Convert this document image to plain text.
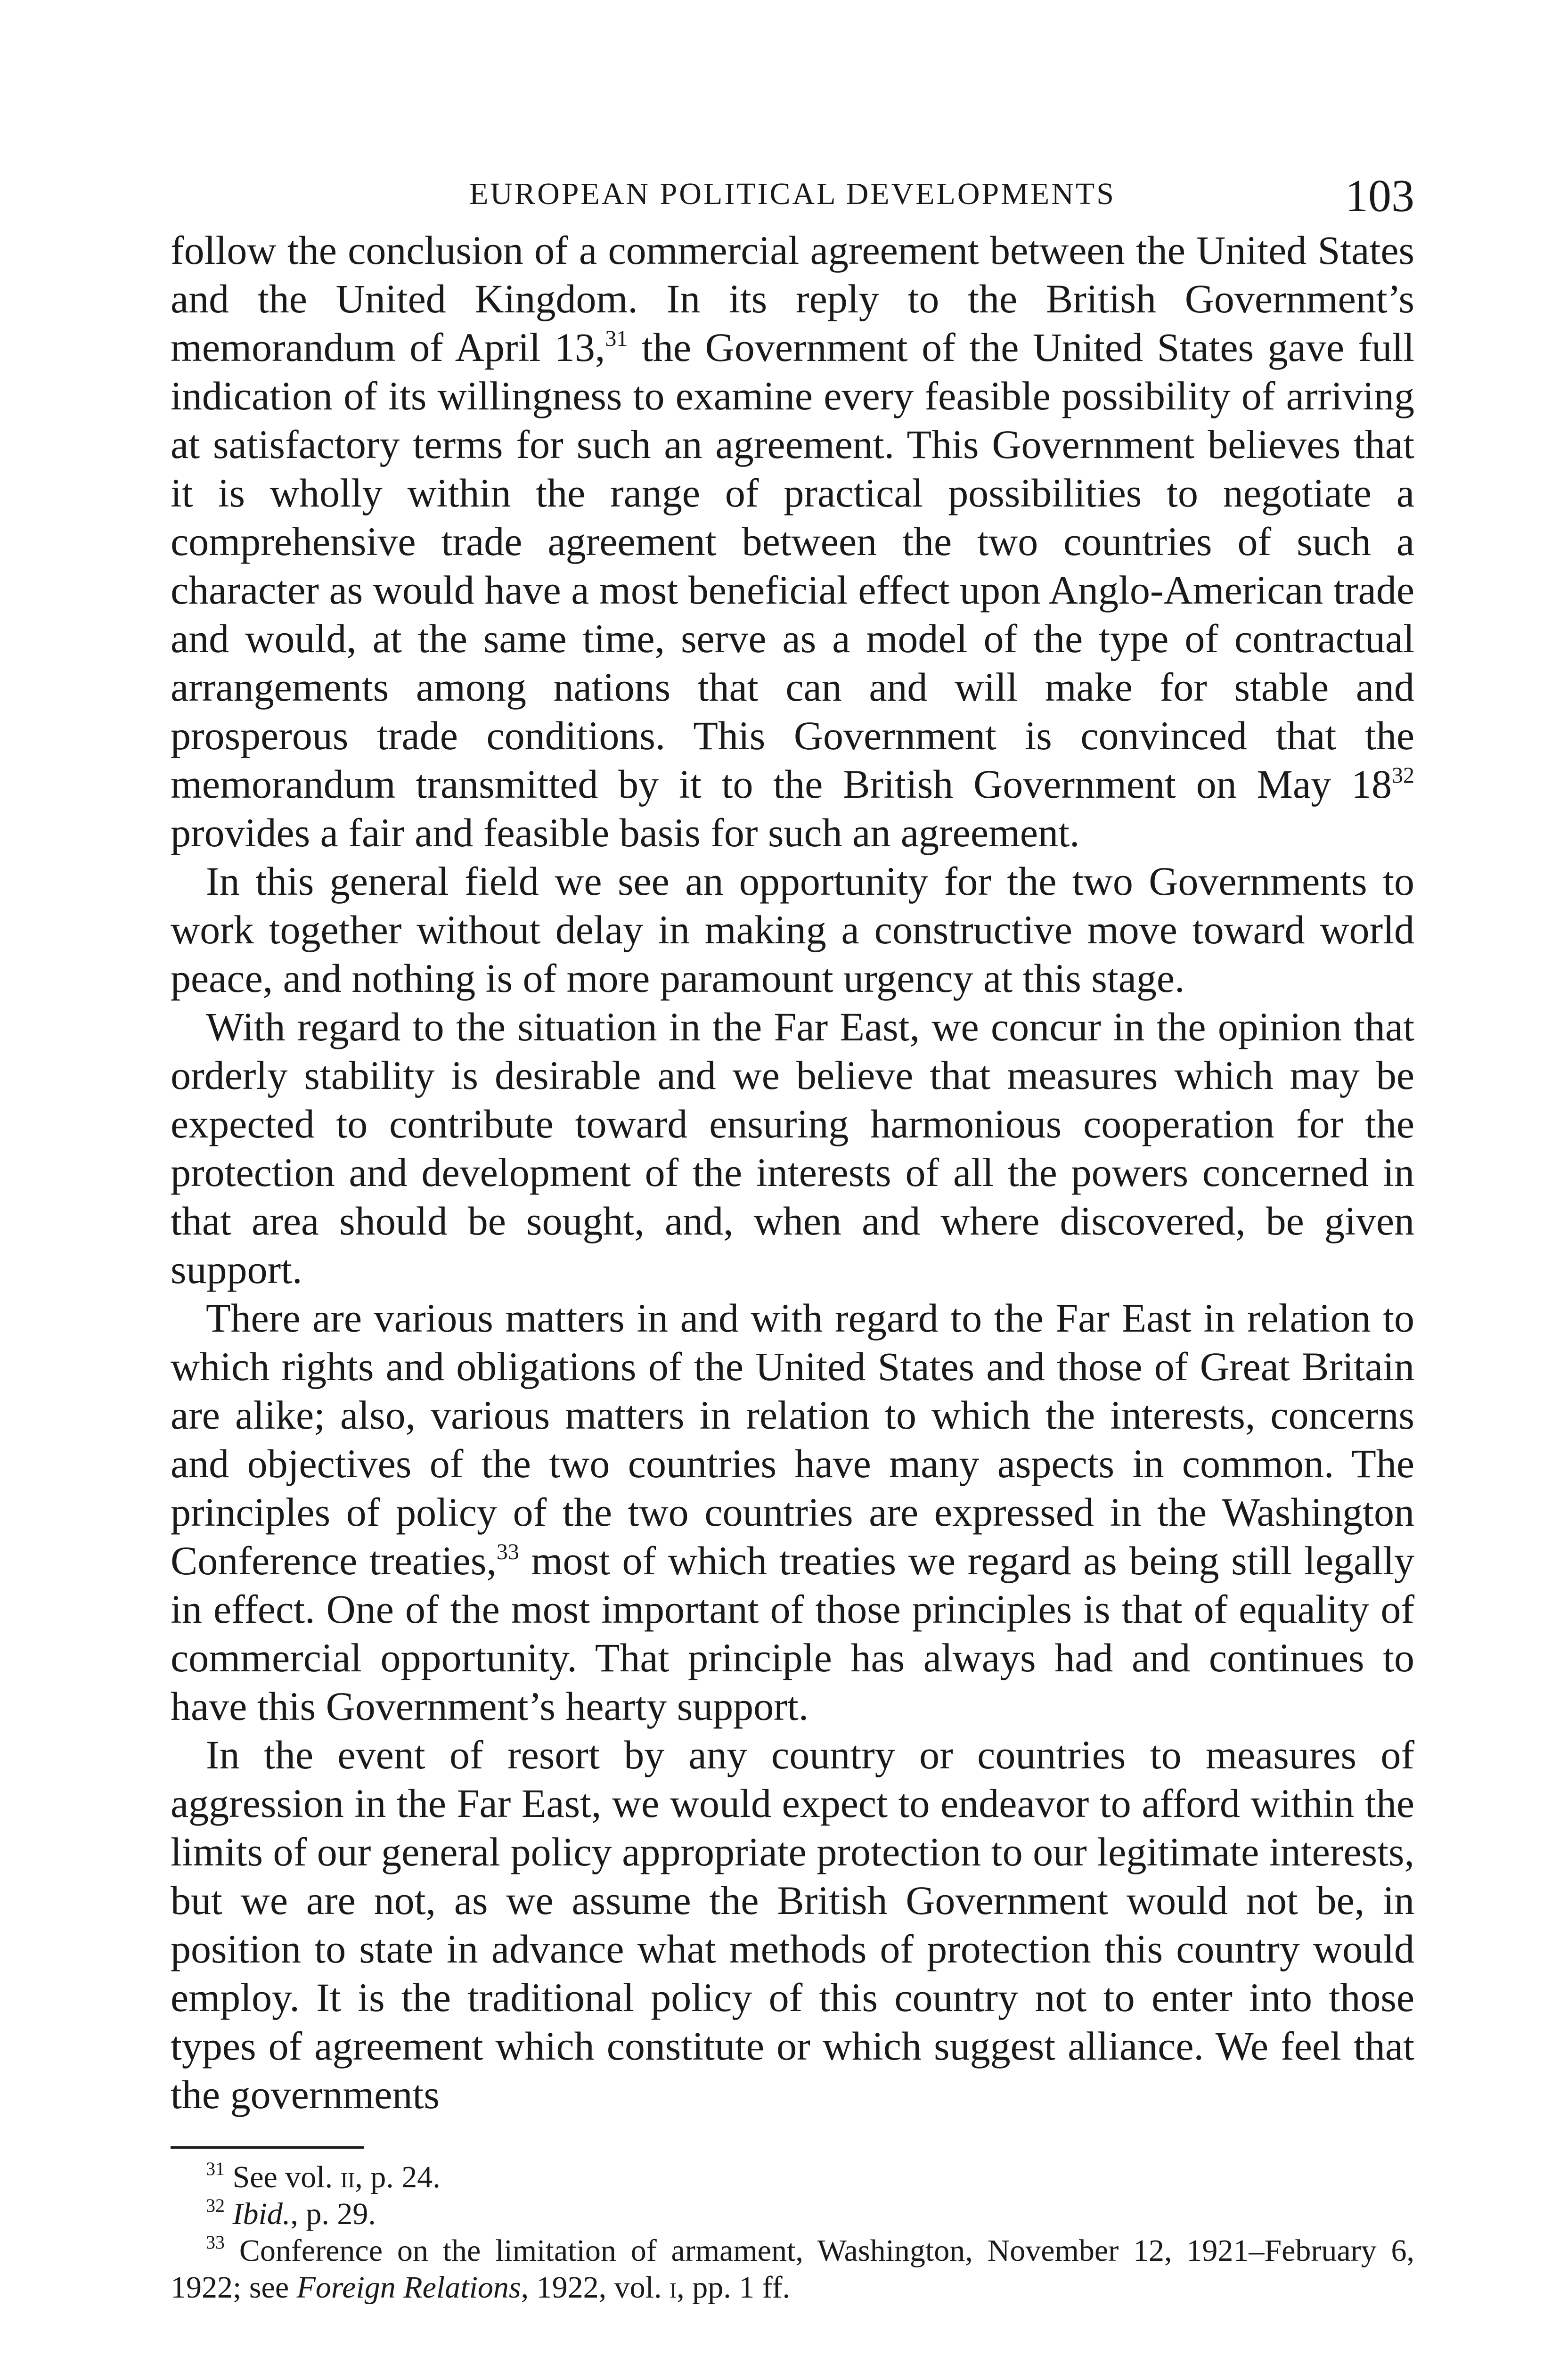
EUROPEAN POLITICAL DEVELOPMENTS	103

follow the conclusion of a commercial agreement between the United States and the United Kingdom. In its reply to the British Government’s memorandum of April 13,31 the Government of the United States gave full indication of its willingness to examine every feasible possibility of arriving at satisfactory terms for such an agreement. This Government believes that it is wholly within the range of practical possibilities to negotiate a comprehensive trade agreement between the two countries of such a character as would have a most beneficial effect upon Anglo-American trade and would, at the same time, serve as a model of the type of contractual arrangements among nations that can and will make for stable and prosperous trade conditions. This Government is convinced that the memorandum transmitted by it to the British Government on May 18$^{32}$ provides a fair and feasible basis for such an agreement.

In this general field we see an opportunity for the two Governments to work together without delay in making a constructive move toward world peace, and nothing is of more paramount urgency at this stage.

With regard to the situation in the Far East, we concur in the opinion that orderly stability is desirable and we believe that measures which may be expected to contribute toward ensuring harmonious cooperation for the protection and development of the interests of all the powers concerned in that area should be sought, and, when and where discovered, be given support.

There are various matters in and with regard to the Far East in relation to which rights and obligations of the United States and those of Great Britain are alike; also, various matters in relation to which the interests, concerns and objectives of the two countries have many aspects in common. The principles of policy of the two countries are expressed in the Washington Conference treaties,$^{33}$ most of which treaties we regard as being still legally in effect. One of the most important of those principles is that of equality of commercial opportunity. That principle has always had and continues to have this Government’s hearty support.

In the event of resort by any country or countries to measures of aggression in the Far East, we would expect to endeavor to afford within the limits of our general policy appropriate protection to our legitimate interests, but we are not, as we assume the British Government would not be, in position to state in advance what methods of protection this country would employ. It is the traditional policy of this country not to enter into those types of agreement which constitute or which suggest alliance. We feel that the governments

$^{31}$ See vol. ii, p. 24.

$^{32}$ Ibid., p. 29.

$^{33}$ Conference on the limitation of armament, Washington, November 12, 1921–February 6, 1922; see Foreign Relations, 1922, vol. i, pp. 1 ff.
